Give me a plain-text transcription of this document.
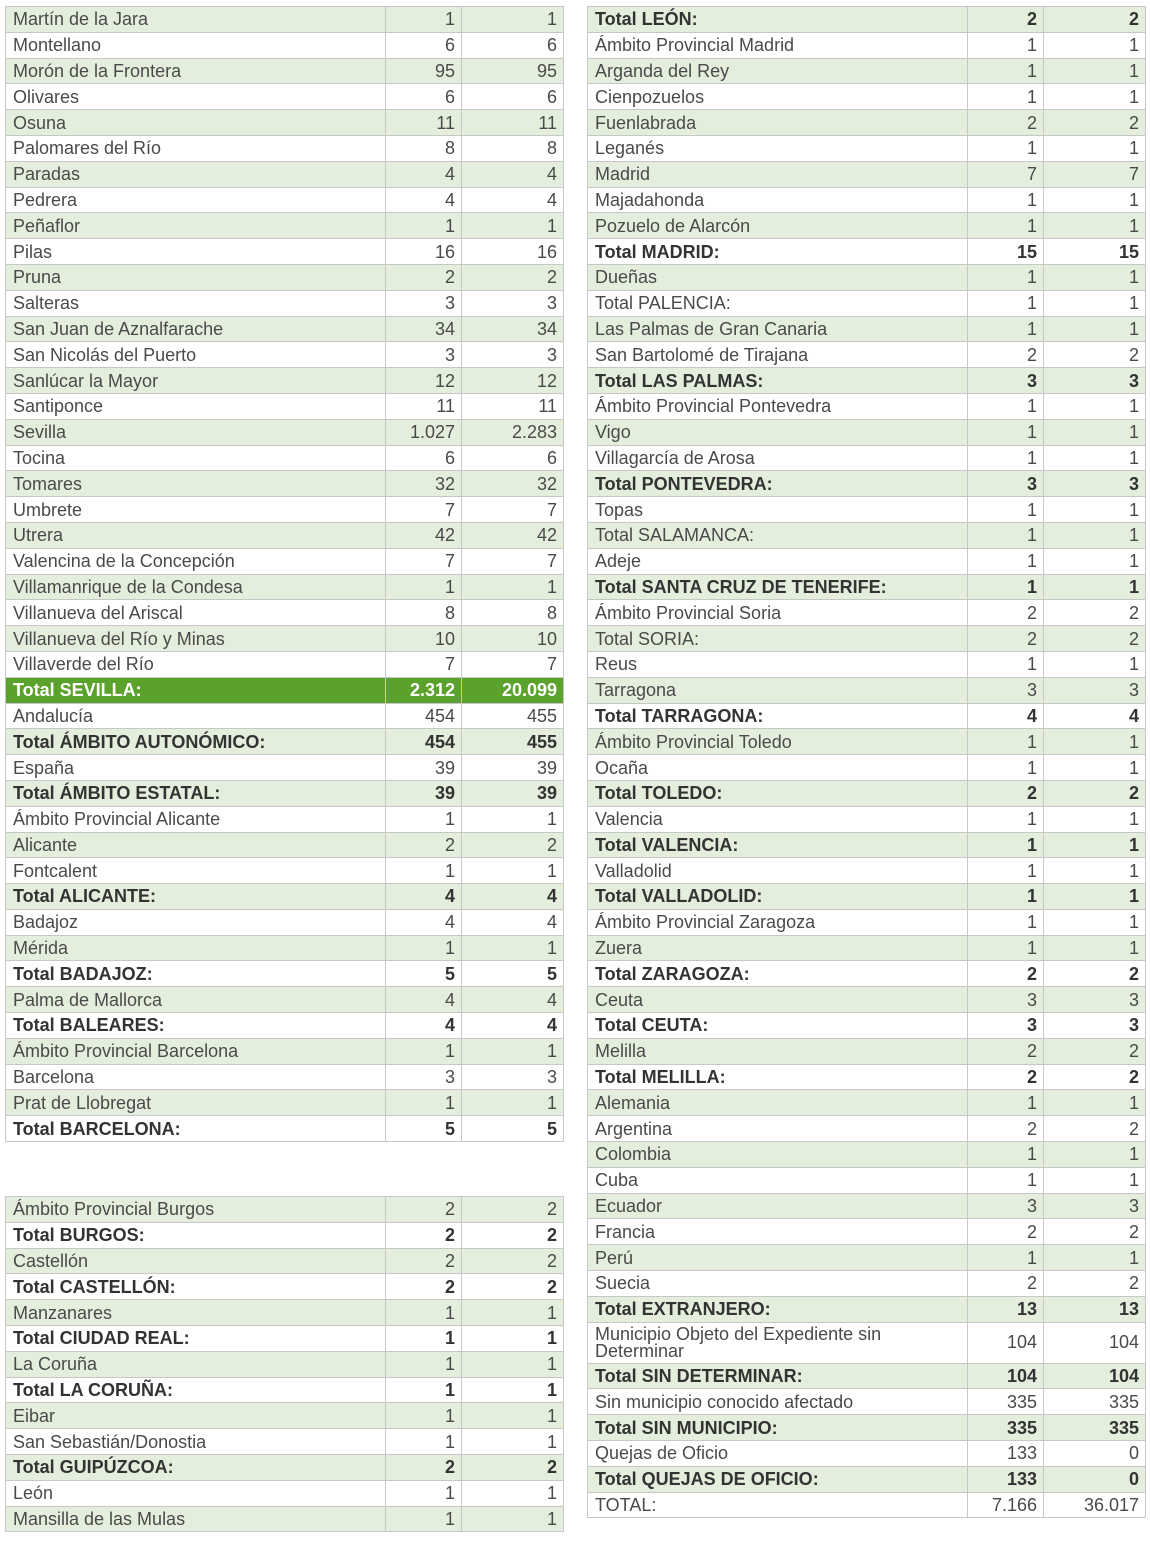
Martín de la Jara	1	1
Montellano	6	6
Morón de la Frontera	95	95
Olivares	6	6
Osuna	11	11
Palomares del Río	8	8
Paradas	4	4
Pedrera	4	4
Peñaflor	1	1
Pilas	16	16
Pruna	2	2
Salteras	3	3
San Juan de Aznalfarache	34	34
San Nicolás del Puerto	3	3
Sanlúcar la Mayor	12	12
Santiponce	11	11
Sevilla	1.027	2.283
Tocina	6	6
Tomares	32	32
Umbrete	7	7
Utrera	42	42
Valencina de la Concepción	7	7
Villamanrique de la Condesa	1	1
Villanueva del Ariscal	8	8
Villanueva del Río y Minas	10	10
Villaverde del Río	7	7
Total SEVILLA:	2.312	20.099
Andalucía	454	455
Total ÁMBITO AUTONÓMICO:	454	455
España	39	39
Total ÁMBITO ESTATAL:	39	39
Ámbito Provincial Alicante	1	1
Alicante	2	2
Fontcalent	1	1
Total ALICANTE:	4	4
Badajoz	4	4
Mérida	1	1
Total BADAJOZ:	5	5
Palma de Mallorca	4	4
Total BALEARES:	4	4
Ámbito Provincial Barcelona	1	1
Barcelona	3	3
Prat de Llobregat	1	1
Total BARCELONA:	5	5
Ámbito Provincial Burgos	2	2
Total BURGOS:	2	2
Castellón	2	2
Total CASTELLÓN:	2	2
Manzanares	1	1
Total CIUDAD REAL:	1	1
La Coruña	1	1
Total LA CORUÑA:	1	1
Eibar	1	1
San Sebastián/Donostia	1	1
Total GUIPÚZCOA:	2	2
León	1	1
Mansilla de las Mulas	1	1
Total LEÓN:	2	2
Ámbito Provincial Madrid	1	1
Arganda del Rey	1	1
Cienpozuelos	1	1
Fuenlabrada	2	2
Leganés	1	1
Madrid	7	7
Majadahonda	1	1
Pozuelo de Alarcón	1	1
Total MADRID:	15	15
Dueñas	1	1
Total PALENCIA:	1	1
Las Palmas de Gran Canaria	1	1
San Bartolomé de Tirajana	2	2
Total LAS PALMAS:	3	3
Ámbito Provincial Pontevedra	1	1
Vigo	1	1
Villagarcía de Arosa	1	1
Total PONTEVEDRA:	3	3
Topas	1	1
Total SALAMANCA:	1	1
Adeje	1	1
Total SANTA CRUZ DE TENERIFE:	1	1
Ámbito Provincial Soria	2	2
Total SORIA:	2	2
Reus	1	1
Tarragona	3	3
Total TARRAGONA:	4	4
Ámbito Provincial Toledo	1	1
Ocaña	1	1
Total TOLEDO:	2	2
Valencia	1	1
Total VALENCIA:	1	1
Valladolid	1	1
Total VALLADOLID:	1	1
Ámbito Provincial Zaragoza	1	1
Zuera	1	1
Total ZARAGOZA:	2	2
Ceuta	3	3
Total CEUTA:	3	3
Melilla	2	2
Total MELILLA:	2	2
Alemania	1	1
Argentina	2	2
Colombia	1	1
Cuba	1	1
Ecuador	3	3
Francia	2	2
Perú	1	1
Suecia	2	2
Total EXTRANJERO:	13	13
Municipio Objeto del Expediente sin Determinar	104	104
Total SIN DETERMINAR:	104	104
Sin municipio conocido afectado	335	335
Total SIN MUNICIPIO:	335	335
Quejas de Oficio	133	0
Total QUEJAS DE OFICIO:	133	0
TOTAL:	7.166	36.017
